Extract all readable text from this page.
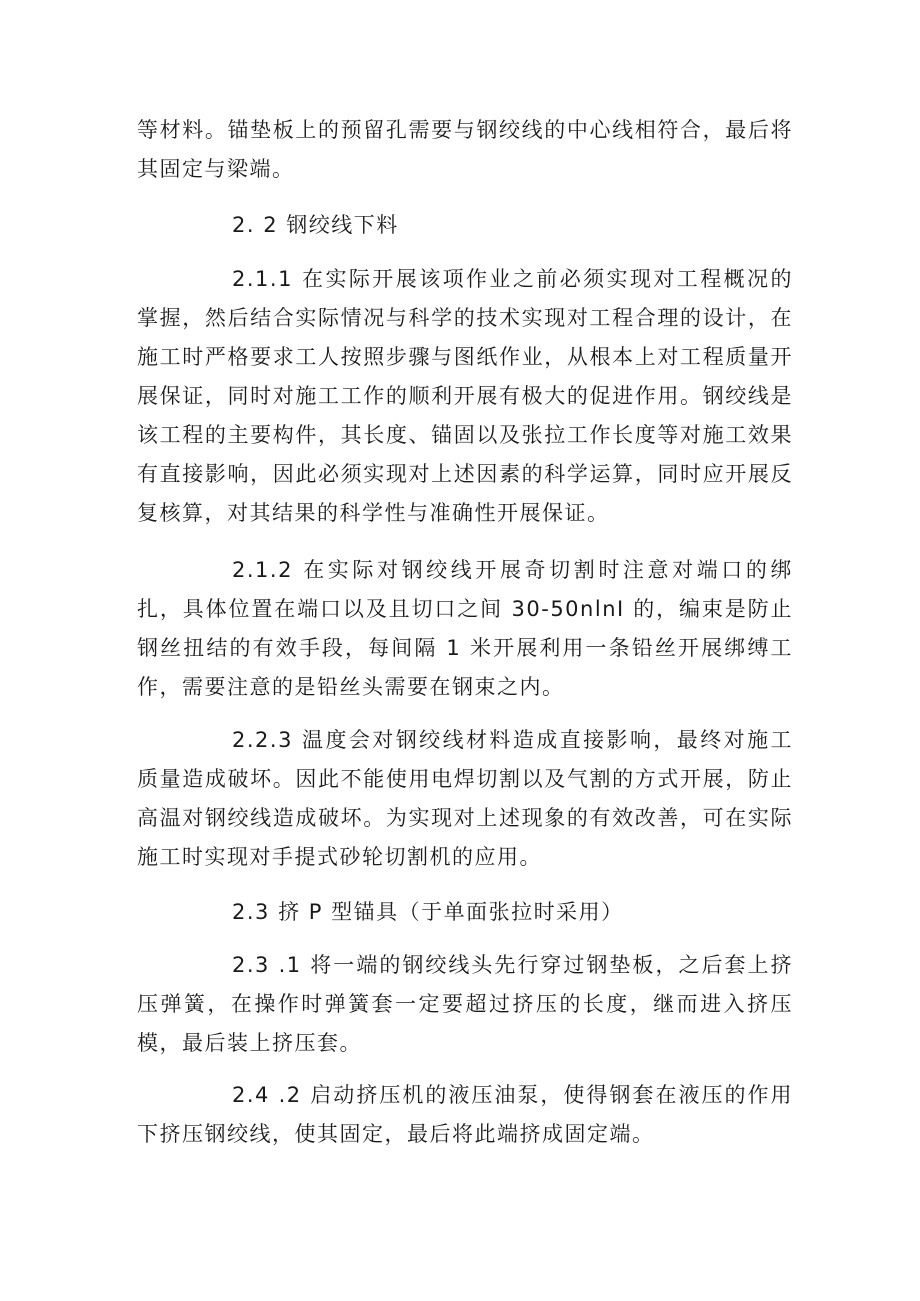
等材料。锚垫板上的预留孔需要与钢绞线的中心线相符合，最后将其固定与梁端。

2. 2 钢绞线下料

2.1.1 在实际开展该项作业之前必须实现对工程概况的掌握，然后结合实际情况与科学的技术实现对工程合理的设计，在施工时严格要求工人按照步骤与图纸作业，从根本上对工程质量开展保证，同时对施工工作的顺利开展有极大的促进作用。钢绞线是该工程的主要构件，其长度、锚固以及张拉工作长度等对施工效果有直接影响，因此必须实现对上述因素的科学运算，同时应开展反复核算，对其结果的科学性与准确性开展保证。

2.1.2 在实际对钢绞线开展奇切割时注意对端口的绑扎，具体位置在端口以及且切口之间 30-50nlnI 的，编束是防止钢丝扭结的有效手段，每间隔 1 米开展利用一条铅丝开展绑缚工作，需要注意的是铅丝头需要在钢束之内。

2.2.3 温度会对钢绞线材料造成直接影响，最终对施工质量造成破坏。因此不能使用电焊切割以及气割的方式开展，防止高温对钢绞线造成破坏。为实现对上述现象的有效改善，可在实际施工时实现对手提式砂轮切割机的应用。

2.3 挤 P 型锚具（于单面张拉时采用）

2.3 .1 将一端的钢绞线头先行穿过钢垫板，之后套上挤压弹簧，在操作时弹簧套一定要超过挤压的长度，继而进入挤压模，最后装上挤压套。

2.4 .2 启动挤压机的液压油泵，使得钢套在液压的作用下挤压钢绞线，使其固定，最后将此端挤成固定端。
